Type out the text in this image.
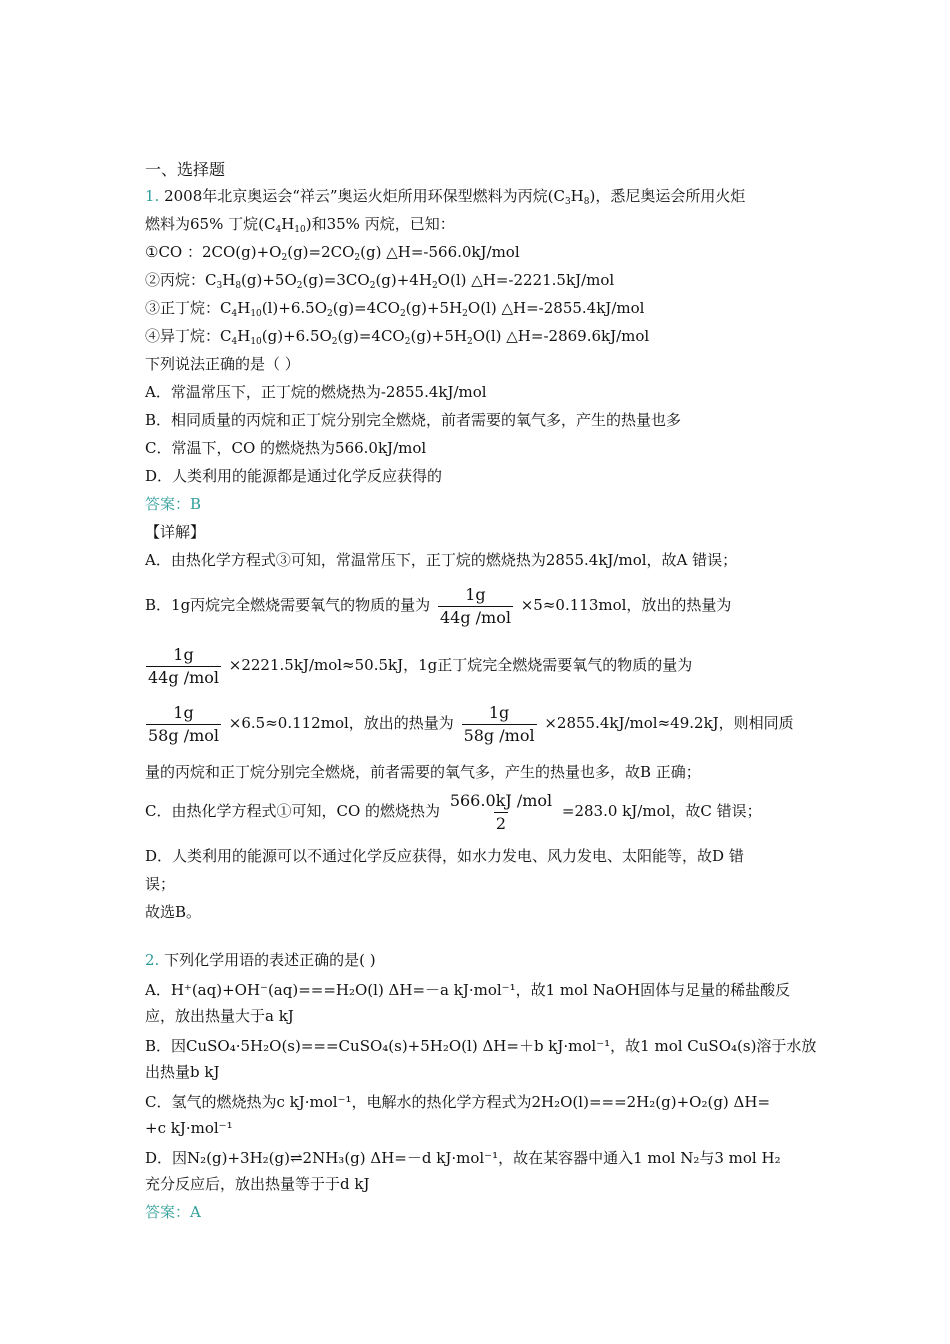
一、选择题
1. 2008年北京奥运会“祥云”奥运火炬所用环保型燃料为丙烷$(C_3H_8)$，悉尼奥运会所用火炬
燃料为65% 丁烷$(C_4H_{10})$和35% 丙烷，已知：
①CO ：$2CO(g)+O_2(g)=2CO_2(g)$ △H=-566.0kJ/mol
②丙烷：$C_3H_8(g)+5O_2(g)=3CO_2(g)+4H_2O(l)$ △H=-2221.5kJ/mol
③正丁烷：$C_4H_{10}(l)+6.5O_2(g)=4CO_2(g)+5H_2O(l)$ △H=-2855.4kJ/mol
④异丁烷：$C_4H_{10}(g)+6.5O_2(g)=4CO_2(g)+5H_2O(l)$ △H=-2869.6kJ/mol
下列说法正确的是（ ）
A．常温常压下，正丁烷的燃烧热为-2855.4kJ/mol
B．相同质量的丙烷和正丁烷分别完全燃烧，前者需要的氧气多，产生的热量也多
C．常温下，CO 的燃烧热为566.0kJ/mol
D．人类利用的能源都是通过化学反应获得的
答案：B
【详解】
A．由热化学方程式③可知，常温常压下，正丁烷的燃烧热为2855.4kJ/mol，故A 错误；
B．1g丙烷完全燃烧需要氧气的物质的量为 $\frac{1g}{\text{44g /mol}} \times 5\approx 0.113mol$，放出的热量为
$\frac{1g}{\text{44g /mol}} \times 2221.5kJ/mol\approx 50.5kJ$，1g正丁烷完全燃烧需要氧气的物质的量为
$\frac{1g}{\text{58g /mol}} \times 6.5\approx 0.112mol$，放出的热量为 $\frac{1g}{\text{58g /mol}} \times 2855.4kJ/mol\approx 49.2kJ$，则相同质
量的丙烷和正丁烷分别完全燃烧，前者需要的氧气多，产生的热量也多，故B 正确；
C．由热化学方程式①可知，CO 的燃烧热为 $\frac{\text{566.0kJ /mol}}{2} =283.0$ kJ/mol，故C 错误；
D．人类利用的能源可以不通过化学反应获得，如水力发电、风力发电、太阳能等，故D 错
误；
故选B。
2. 下列化学用语的表述正确的是( )
A．H⁺(aq)+OH⁻(aq)===H₂O(l) ΔH=－a kJ·mol⁻¹，故1 mol NaOH固体与足量的稀盐酸反
应，放出热量大于a kJ
B．因CuSO₄·5H₂O(s)===CuSO₄(s)+5H₂O(l) ΔH=＋b kJ·mol⁻¹，故1 mol CuSO₄(s)溶于水放
出热量b kJ
C．氢气的燃烧热为c kJ·mol⁻¹，电解水的热化学方程式为2H₂O(l)===2H₂(g)+O₂(g) ΔH=
+c kJ·mol⁻¹
D．因N₂(g)+3H₂(g)⇌2NH₃(g) ΔH=－d kJ·mol⁻¹，故在某容器中通入1 mol N₂与3 mol H₂
充分反应后，放出热量等于于d kJ
答案：A
